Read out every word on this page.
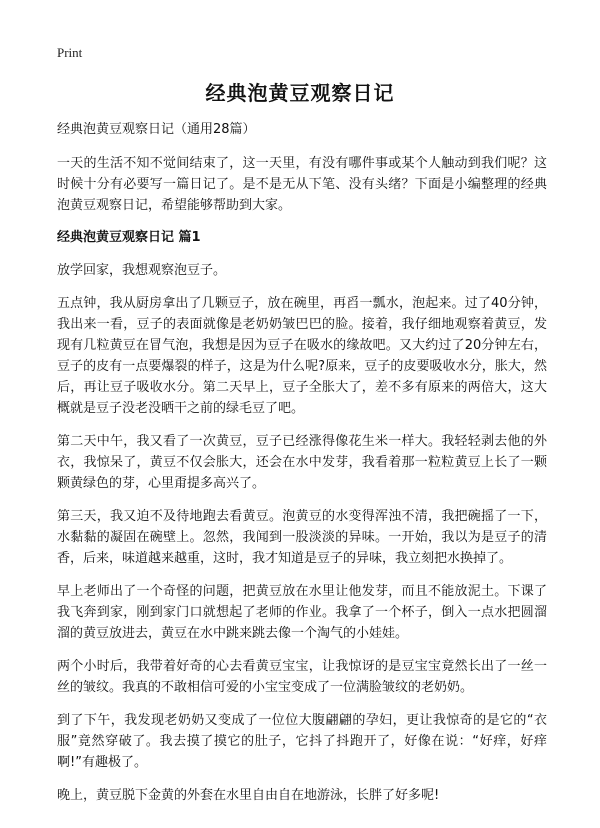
Print
经典泡黄豆观察日记

经典泡黄豆观察日记（通用28篇）

一天的生活不知不觉间结束了，这一天里，有没有哪件事或某个人触动到我们呢？这时候十分有必要写一篇日记了。是不是无从下笔、没有头绪？下面是小编整理的经典泡黄豆观察日记，希望能够帮助到大家。

经典泡黄豆观察日记 篇1

放学回家，我想观察泡豆子。

五点钟，我从厨房拿出了几颗豆子，放在碗里，再舀一瓢水，泡起来。过了40分钟，我出来一看，豆子的表面就像是老奶奶皱巴巴的脸。接着，我仔细地观察着黄豆，发现有几粒黄豆在冒气泡，我想是因为豆子在吸水的缘故吧。又大约过了20分钟左右，豆子的皮有一点要爆裂的样子，这是为什么呢?原来，豆子的皮要吸收水分，胀大，然后，再让豆子吸收水分。第二天早上，豆子全胀大了，差不多有原来的两倍大，这大概就是豆子没老没晒干之前的绿毛豆了吧。

第二天中午，我又看了一次黄豆，豆子已经涨得像花生米一样大。我轻轻剥去他的外衣，我惊呆了，黄豆不仅会胀大，还会在水中发芽，我看着那一粒粒黄豆上长了一颗颗黄绿色的芽，心里甭提多高兴了。

第三天，我又迫不及待地跑去看黄豆。泡黄豆的水变得浑浊不清，我把碗摇了一下，水黏黏的凝固在碗壁上。忽然，我闻到一股淡淡的异味。一开始，我以为是豆子的清香，后来，味道越来越重，这时，我才知道是豆子的异味，我立刻把水换掉了。

早上老师出了一个奇怪的问题，把黄豆放在水里让他发芽，而且不能放泥土。下课了我飞奔到家，刚到家门口就想起了老师的作业。我拿了一个杯子，倒入一点水把圆溜溜的黄豆放进去，黄豆在水中跳来跳去像一个淘气的小娃娃。

两个小时后，我带着好奇的心去看黄豆宝宝，让我惊讶的是豆宝宝竟然长出了一丝一丝的皱纹。我真的不敢相信可爱的小宝宝变成了一位满脸皱纹的老奶奶。

到了下午，我发现老奶奶又变成了一位位大腹翩翩的孕妇，更让我惊奇的是它的“衣服”竟然穿破了。我去摸了摸它的肚子，它抖了抖跑开了，好像在说：“好痒，好痒啊!”有趣极了。

晚上，黄豆脱下金黄的外套在水里自由自在地游泳，长胖了好多呢!
